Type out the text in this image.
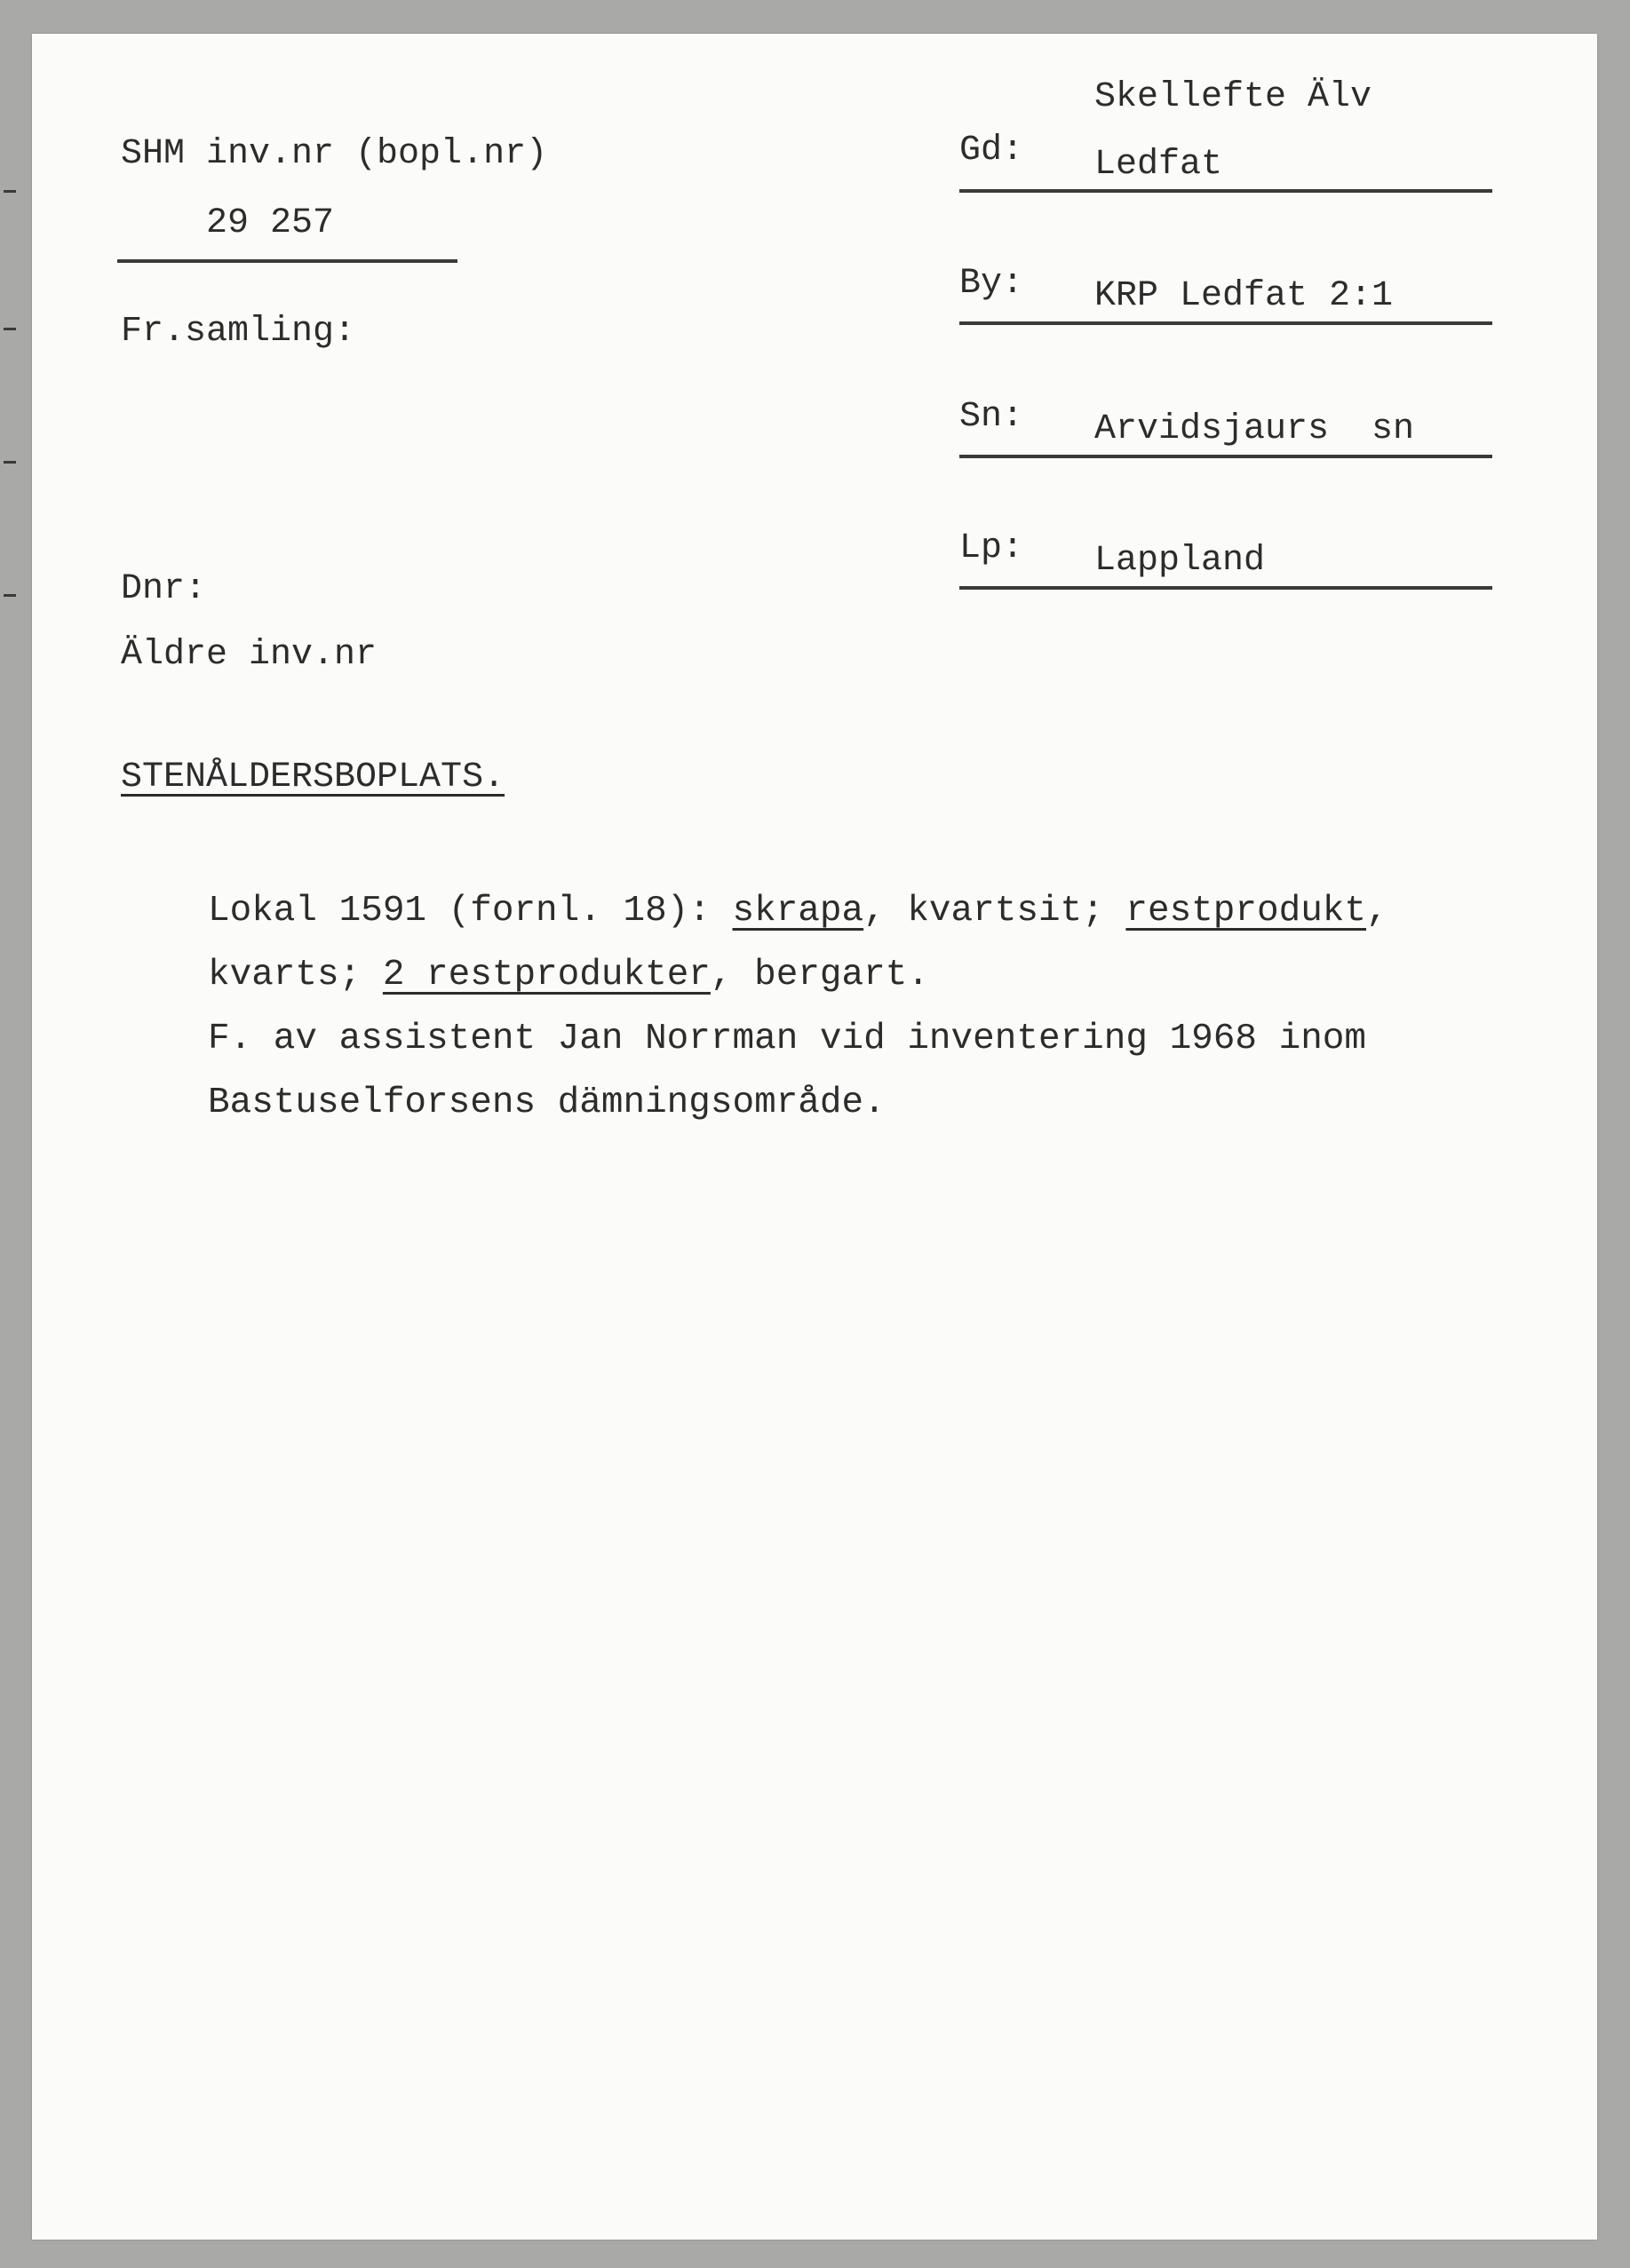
SHM inv.nr (bopl.nr)
29 257
Fr.samling:
Dnr:
Äldre inv.nr
Skellefte Älv
Gd: Ledfat
By: KRP Ledfat 2:1
Sn: Arvidsjaurs  sn
Lp: Lappland
STENÅLDERSBOPLATS.
Lokal 1591 (fornl. 18): skrapa, kvartsit; restprodukt,
kvarts; 2 restprodukter, bergart.
F. av assistent Jan Norrman vid inventering 1968 inom
Bastuselforsens dämningsområde.
